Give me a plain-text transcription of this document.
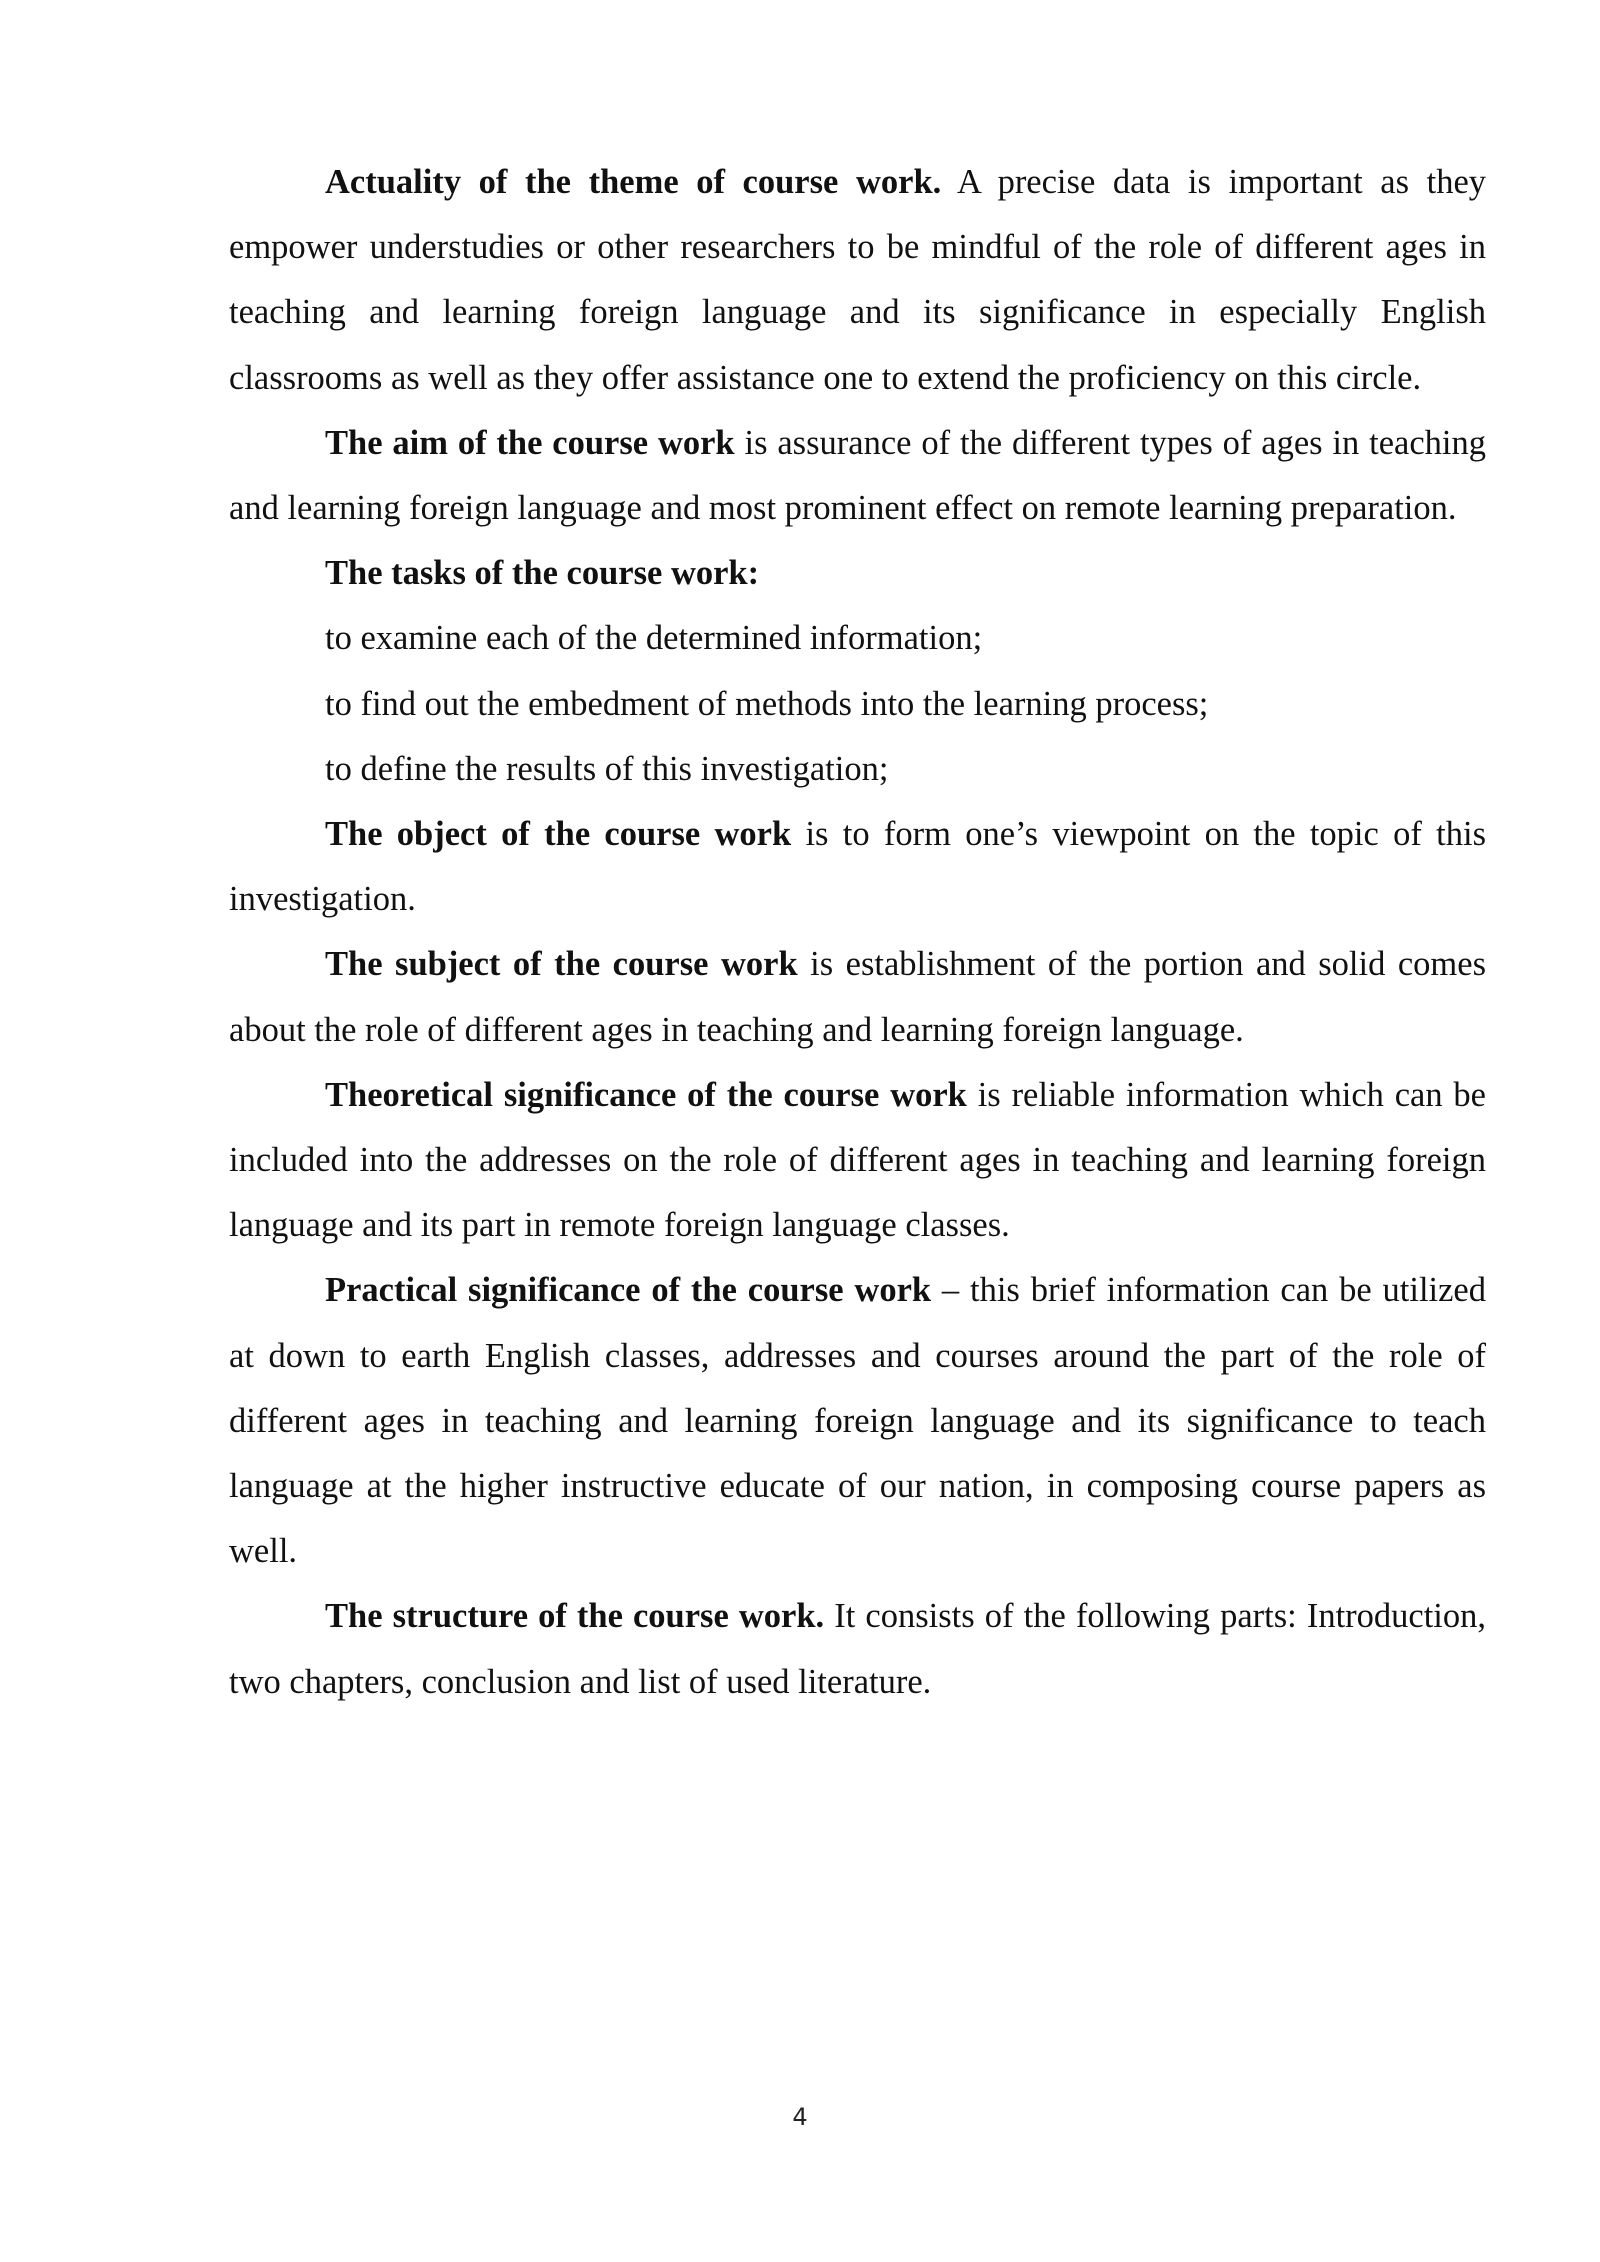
Actuality of the theme of course work. A precise data is important as they empower understudies or other researchers to be mindful of the role of different ages in teaching and learning foreign language and its significance in especially English classrooms as well as they offer assistance one to extend the proficiency on this circle.

The aim of the course work is assurance of the different types of ages in teaching and learning foreign language and most prominent effect on remote learning preparation.

The tasks of the course work:

to examine each of the determined information;

to find out the embedment of methods into the learning process;

to define the results of this investigation;

The object of the course work is to form one’s viewpoint on the topic of this investigation.

The subject of the course work is establishment of the portion and solid comes about the role of different ages in teaching and learning foreign language.

Theoretical significance of the course work is reliable information which can be included into the addresses on the role of different ages in teaching and learning foreign language and its part in remote foreign language classes.

Practical significance of the course work – this brief information can be utilized at down to earth English classes, addresses and courses around the part of the role of different ages in teaching and learning foreign language and its significance to teach language at the higher instructive educate of our nation, in composing course papers as well.

The structure of the course work. It consists of the following parts: Introduction, two chapters, conclusion and list of used literature.

4
